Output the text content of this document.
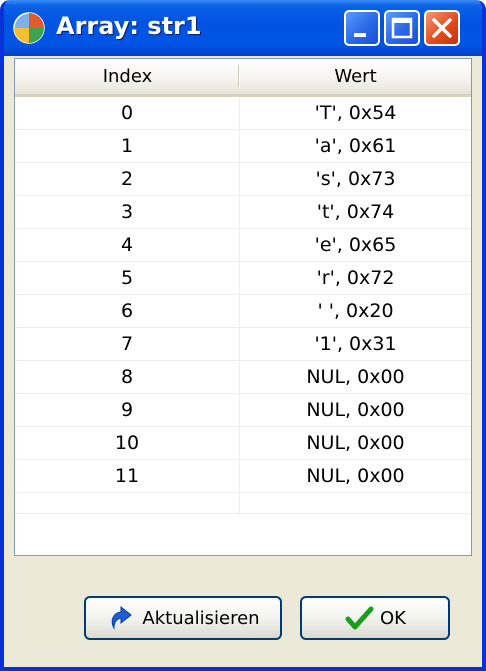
Array: str1
Index	Wert
0	'T', 0x54
1	'a', 0x61
2	's', 0x73
3	't', 0x74
4	'e', 0x65
5	'r', 0x72
6	' ', 0x20
7	'1', 0x31
8	NUL, 0x00
9	NUL, 0x00
10	NUL, 0x00
11	NUL, 0x00
Aktualisieren	OK
